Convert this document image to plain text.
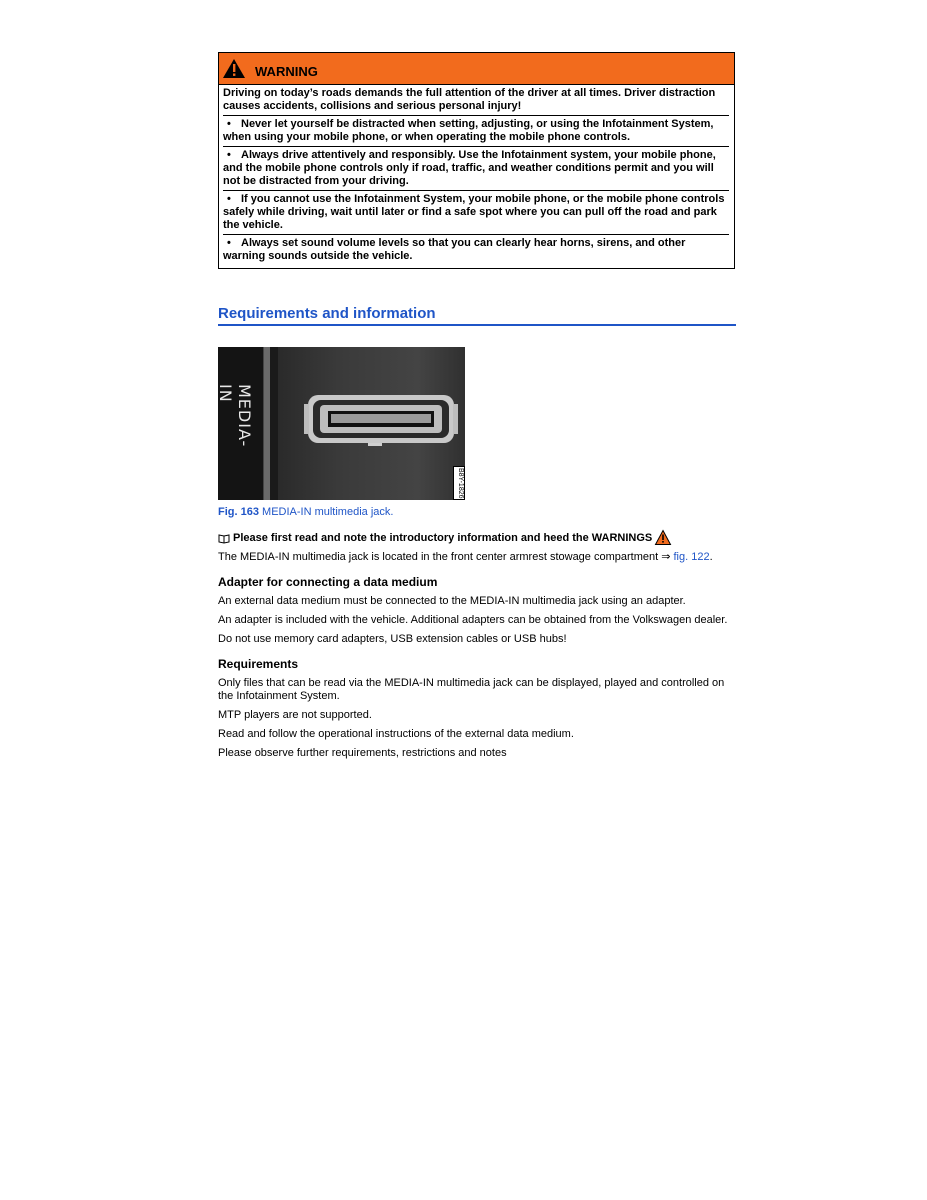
WARNING

Driving on today’s roads demands the full attention of the driver at all times. Driver distraction causes accidents, collisions and serious personal injury!

• Never let yourself be distracted when setting, adjusting, or using the Infotainment System, when using your mobile phone, or when operating the mobile phone controls.
• Always drive attentively and responsibly. Use the Infotainment system, your mobile phone, and the mobile phone controls only if road, traffic, and weather conditions permit and you will not be distracted from your driving.
• If you cannot use the Infotainment System, your mobile phone, or the mobile phone controls safely while driving, wait until later or find a safe spot where you can pull off the road and park the vehicle.
• Always set sound volume levels so that you can clearly hear horns, sirens, and other warning sounds outside the vehicle.
Requirements and information
MEDIA-IN
B8Y-1826
Fig. 163 MEDIA-IN multimedia jack.
Please first read and note the introductory information and heed the WARNINGS
The MEDIA-IN multimedia jack is located in the front center armrest stowage compartment ⇒ fig. 122.
Adapter for connecting a data medium
An external data medium must be connected to the MEDIA-IN multimedia jack using an adapter.
An adapter is included with the vehicle. Additional adapters can be obtained from the Volkswagen dealer.
Do not use memory card adapters, USB extension cables or USB hubs!
Requirements
Only files that can be read via the MEDIA-IN multimedia jack can be displayed, played and controlled on the Infotainment System.
MTP players are not supported.
Read and follow the operational instructions of the external data medium.
Please observe further requirements, restrictions and notes
